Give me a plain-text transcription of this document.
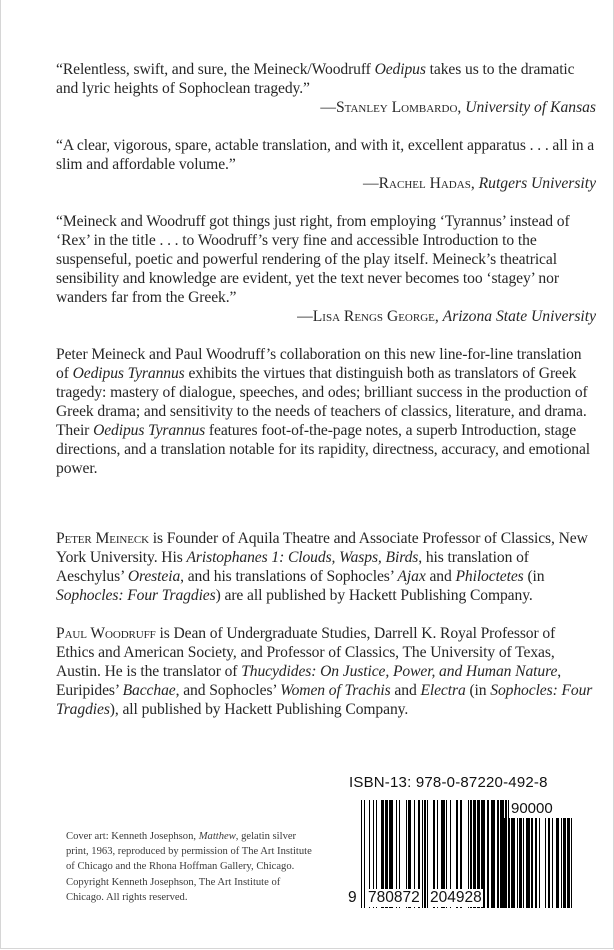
“Relentless, swift, and sure, the Meineck/Woodruff Oedipus takes us to the dramatic and lyric heights of Sophoclean tragedy.”

—Stanley Lombardo, University of Kansas

“A clear, vigorous, spare, actable translation, and with it, excellent apparatus . . . all in a slim and affordable volume.”

—Rachel Hadas, Rutgers University

“Meineck and Woodruff got things just right, from employing ‘Tyrannus’ instead of ‘Rex’ in the title . . . to Woodruff’s very fine and accessible Introduction to the suspenseful, poetic and powerful rendering of the play itself. Meineck’s theatrical sensibility and knowledge are evident, yet the text never becomes too ‘stagey’ nor wanders far from the Greek.”

—Lisa Rengs George, Arizona State University

Peter Meineck and Paul Woodruff’s collaboration on this new line-for-line translation of Oedipus Tyrannus exhibits the virtues that distinguish both as translators of Greek tragedy: mastery of dialogue, speeches, and odes; brilliant success in the production of Greek drama; and sensitivity to the needs of teachers of classics, literature, and drama. Their Oedipus Tyrannus features foot-of-the-page notes, a superb Introduction, stage directions, and a translation notable for its rapidity, directness, accuracy, and emotional power.

Peter Meineck is Founder of Aquila Theatre and Associate Professor of Classics, New York University. His Aristophanes 1: Clouds, Wasps, Birds, his translation of Aeschylus’ Oresteia, and his translations of Sophocles’ Ajax and Philoctetes (in Sophocles: Four Tragdies) are all published by Hackett Publishing Company.

Paul Woodruff is Dean of Undergraduate Studies, Darrell K. Royal Professor of Ethics and American Society, and Professor of Classics, The University of Texas, Austin. He is the translator of Thucydides: On Justice, Power, and Human Nature, Euripides’ Bacchae, and Sophocles’ Women of Trachis and Electra (in Sophocles: Four Tragdies), all published by Hackett Publishing Company.

Cover art: Kenneth Josephson, Matthew, gelatin silver print, 1963, reproduced by permission of The Art Institute of Chicago and the Rhona Hoffman Gallery, Chicago. Copyright Kenneth Josephson, The Art Institute of Chicago. All rights reserved.
ISBN-13: 978-0-87220-492-8
90000
9 780872 204928
